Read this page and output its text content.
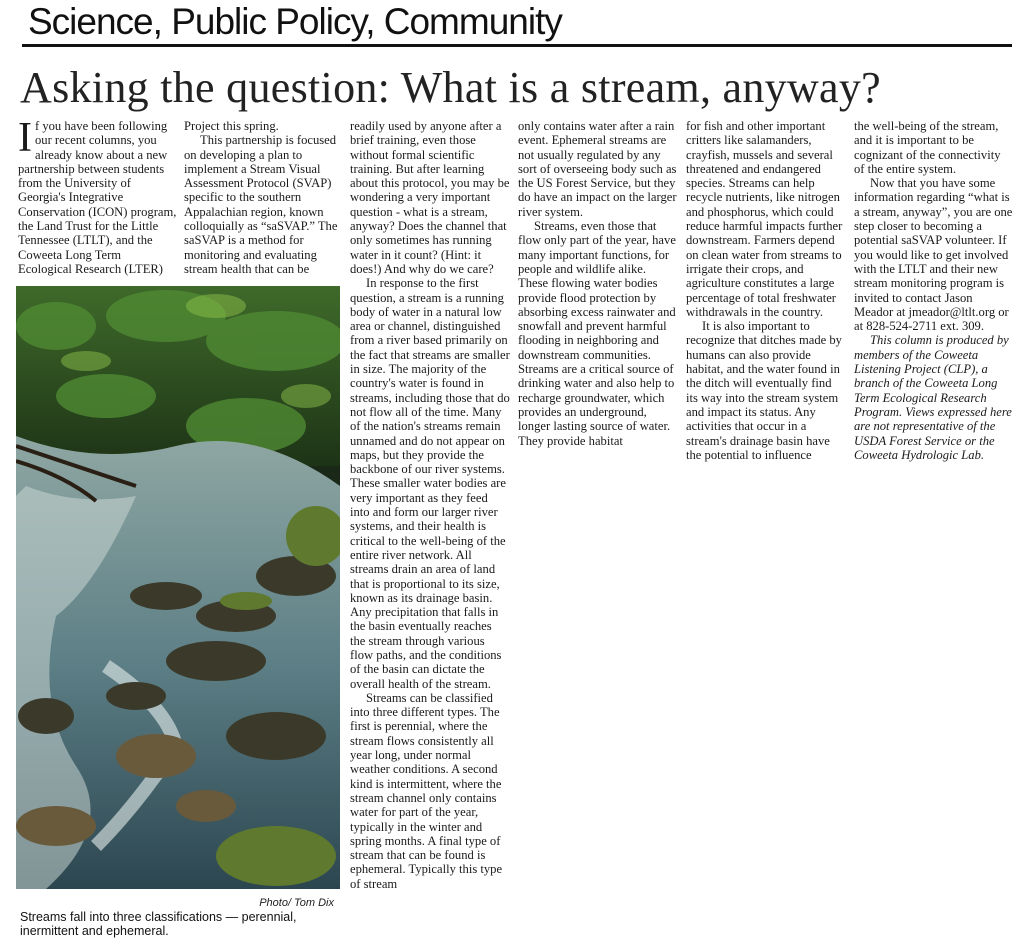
Science, Public Policy, Community
Asking the question: What is a stream, anyway?

If you have been following our recent columns, you already know about a new partnership between students from the University of Georgia's Integrative Conservation (ICON) program, the Land Trust for the Little Tennessee (LTLT), and the Coweeta Long Term Ecological Research (LTER)

Project this spring.

This partnership is focused on developing a plan to implement a Stream Visual Assessment Protocol (SVAP) specific to the southern Appalachian region, known colloquially as “saSVAP.” The saSVAP is a method for monitoring and evaluating stream health that can be

readily used by anyone after a brief training, even those without formal scientific training. But after learning about this protocol, you may be wondering a very important question - what is a stream, anyway? Does the channel that only sometimes has running water in it count? (Hint: it does!) And why do we care?

In response to the first question, a stream is a running body of water in a natural low area or channel, distinguished from a river based primarily on the fact that streams are smaller in size. The majority of the country's water is found in streams, including those that do not flow all of the time. Many of the nation's streams remain unnamed and do not appear on maps, but they provide the backbone of our river systems. These smaller water bodies are very important as they feed into and form our larger river systems, and their health is critical to the well-being of the entire river network. All streams drain an area of land that is proportional to its size, known as its drainage basin. Any precipitation that falls in the basin eventually reaches the stream through various flow paths, and the conditions of the basin can dictate the overall health of the stream.

Streams can be classified into three different types. The first is perennial, where the stream flows consistently all year long, under normal weather conditions. A second kind is intermittent, where the stream channel only contains water for part of the year, typically in the winter and spring months. A final type of stream that can be found is ephemeral. Typically this type of stream

only contains water after a rain event. Ephemeral streams are not usually regulated by any sort of overseeing body such as the US Forest Service, but they do have an impact on the larger river system.

Streams, even those that flow only part of the year, have many important functions, for people and wildlife alike. These flowing water bodies provide flood protection by absorbing excess rainwater and snowfall and prevent harmful flooding in neighboring and downstream communities. Streams are a critical source of drinking water and also help to recharge groundwater, which provides an underground, longer lasting source of water. They provide habitat

for fish and other important critters like salamanders, crayfish, mussels and several threatened and endangered species. Streams can help recycle nutrients, like nitrogen and phosphorus, which could reduce harmful impacts further downstream. Farmers depend on clean water from streams to irrigate their crops, and agriculture constitutes a large percentage of total freshwater withdrawals in the country.

It is also important to recognize that ditches made by humans can also provide habitat, and the water found in the ditch will eventually find its way into the stream system and impact its status. Any activities that occur in a stream's drainage basin have the potential to influence

the well-being of the stream, and it is important to be cognizant of the connectivity of the entire system.

Now that you have some information regarding “what is a stream, anyway”, you are one step closer to becoming a potential saSVAP volunteer. If you would like to get involved with the LTLT and their new stream monitoring program is invited to contact Jason Meador at jmeador@ltlt.org or at 828-524-2711 ext. 309.

This column is produced by members of the Coweeta Listening Project (CLP), a branch of the Coweeta Long Term Ecological Research Program. Views expressed here are not representative of the USDA Forest Service or the Coweeta Hydrologic Lab.

Photo/ Tom Dix
Streams fall into three classifications — perennial, inermittent and ephemeral.
